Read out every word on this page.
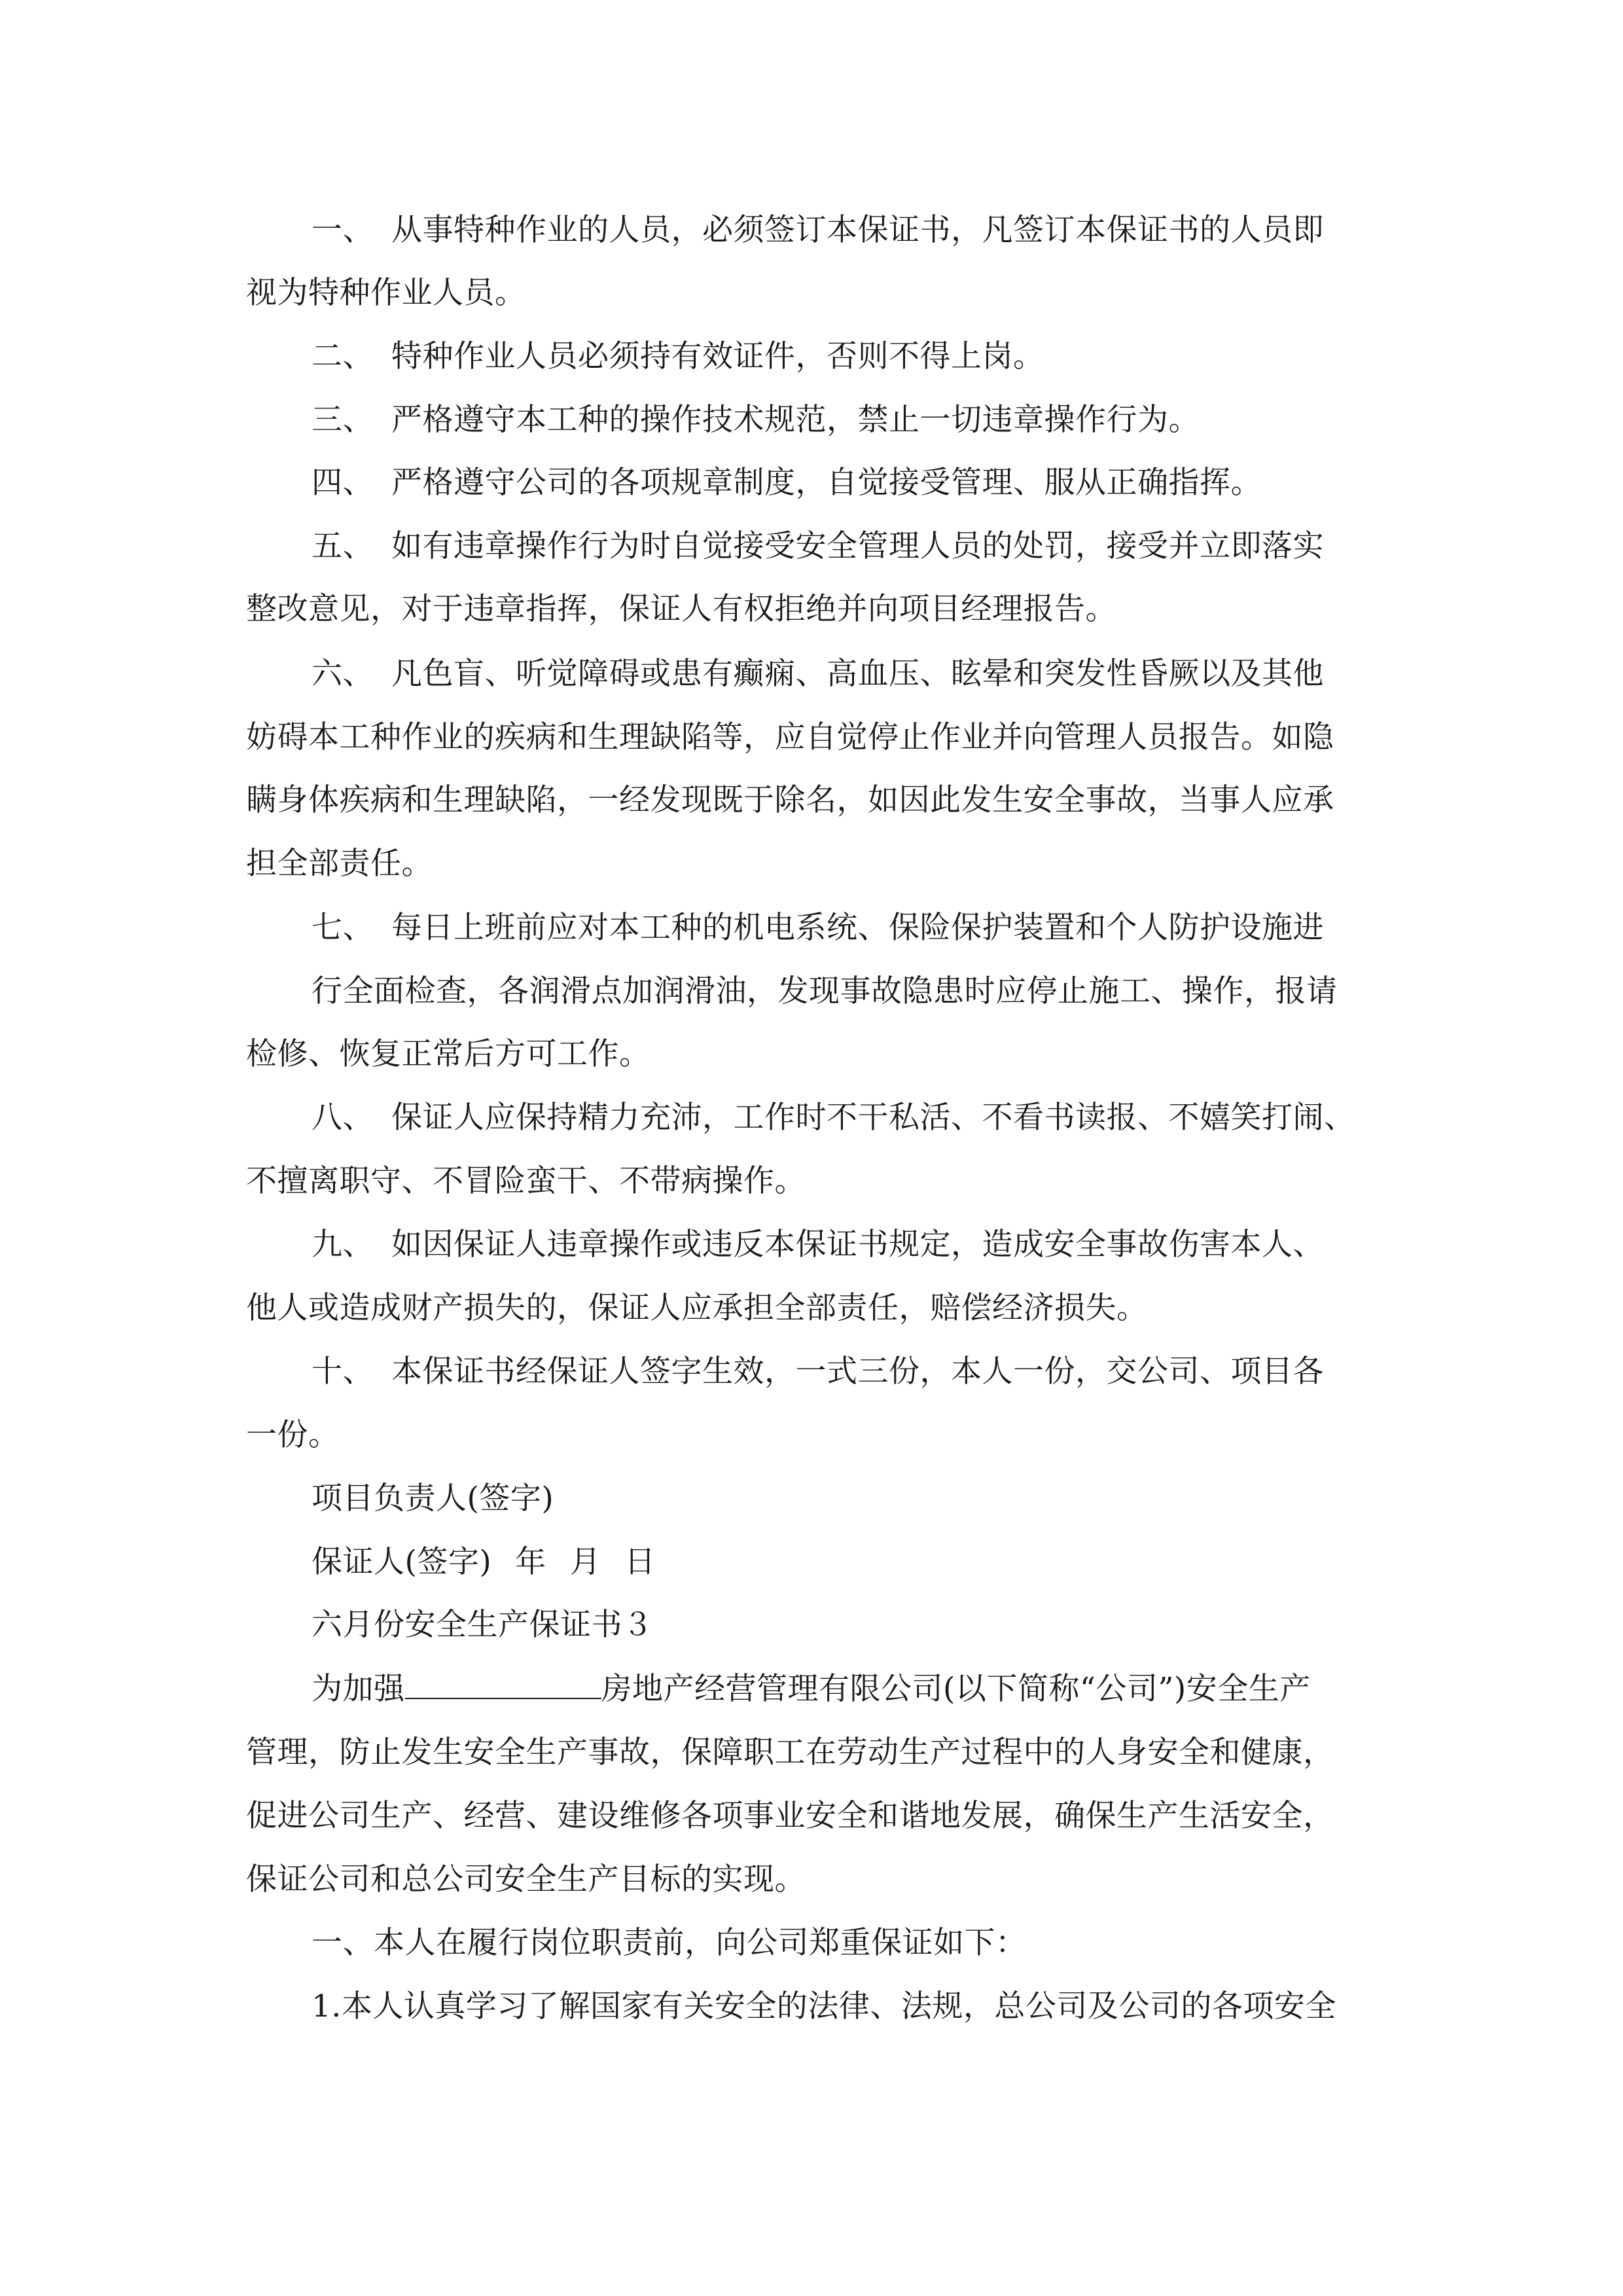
一、 从事特种作业的人员，必须签订本保证书，凡签订本保证书的人员即
视为特种作业人员。
二、 特种作业人员必须持有效证件，否则不得上岗。
三、 严格遵守本工种的操作技术规范，禁止一切违章操作行为。
四、 严格遵守公司的各项规章制度，自觉接受管理、服从正确指挥。
五、 如有违章操作行为时自觉接受安全管理人员的处罚，接受并立即落实
整改意见，对于违章指挥，保证人有权拒绝并向项目经理报告。
六、 凡色盲、听觉障碍或患有癫痫、高血压、眩晕和突发性昏厥以及其他
妨碍本工种作业的疾病和生理缺陷等，应自觉停止作业并向管理人员报告。如隐
瞒身体疾病和生理缺陷，一经发现既于除名，如因此发生安全事故，当事人应承
担全部责任。
七、 每日上班前应对本工种的机电系统、保险保护装置和个人防护设施进
行全面检查，各润滑点加润滑油，发现事故隐患时应停止施工、操作，报请
检修、恢复正常后方可工作。
八、 保证人应保持精力充沛，工作时不干私活、不看书读报、不嬉笑打闹、
不擅离职守、不冒险蛮干、不带病操作。
九、 如因保证人违章操作或违反本保证书规定，造成安全事故伤害本人、
他人或造成财产损失的，保证人应承担全部责任，赔偿经济损失。
十、 本保证书经保证人签字生效，一式三份，本人一份，交公司、项目各
一份。
项目负责人(签字)
保证人(签字) 年 月 日
六月份安全生产保证书３
为加强	房地产经营管理有限公司(以下简称“公司”)安全生产
管理，防止发生安全生产事故，保障职工在劳动生产过程中的人身安全和健康，
促进公司生产、经营、建设维修各项事业安全和谐地发展，确保生产生活安全，
保证公司和总公司安全生产目标的实现。
一、本人在履行岗位职责前，向公司郑重保证如下：
1.本人认真学习了解国家有关安全的法律、法规，总公司及公司的各项安全
